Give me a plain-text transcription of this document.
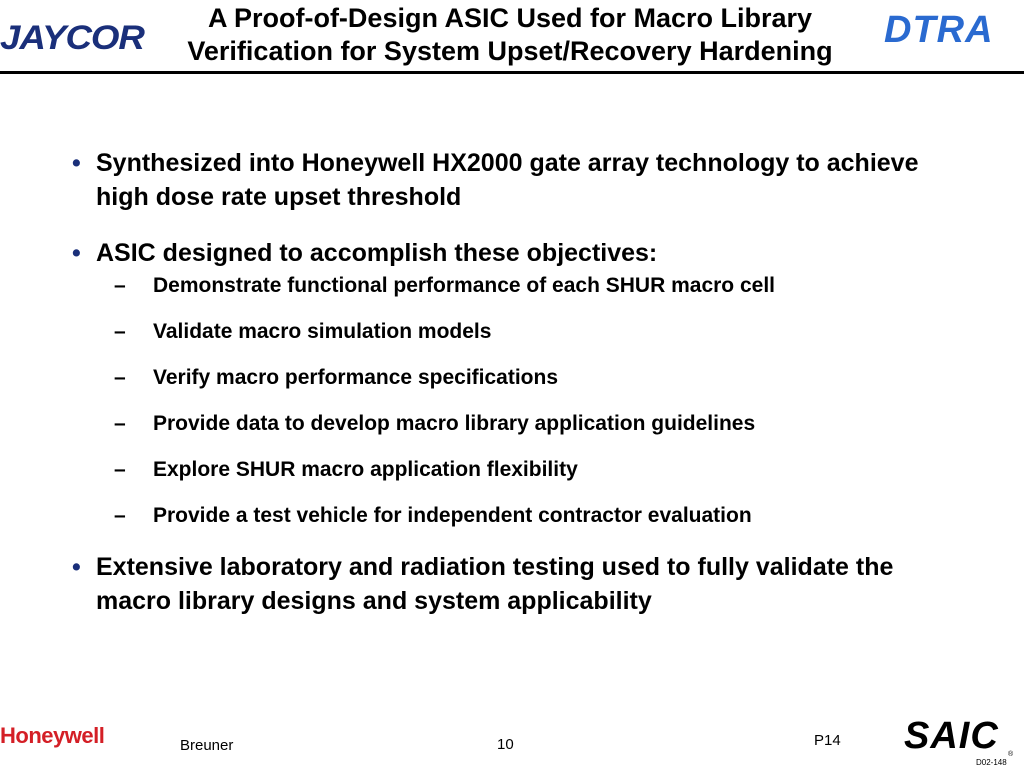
JAYCOR
A Proof-of-Design ASIC Used for Macro Library
Verification for System Upset/Recovery Hardening	DTRA
• Synthesized into Honeywell HX2000 gate array technology to achieve high dose rate upset threshold
• ASIC designed to accomplish these objectives:
– Demonstrate functional performance of each SHUR macro cell
– Validate macro simulation models
– Verify macro performance specifications
– Provide data to develop macro library application guidelines
– Explore SHUR macro application flexibility
– Provide a test vehicle for independent contractor evaluation
• Extensive laboratory and radiation testing used to fully validate the macro library designs and system applicability
Honeywell	Breuner	10	P14 SAIC	®
D02-148
